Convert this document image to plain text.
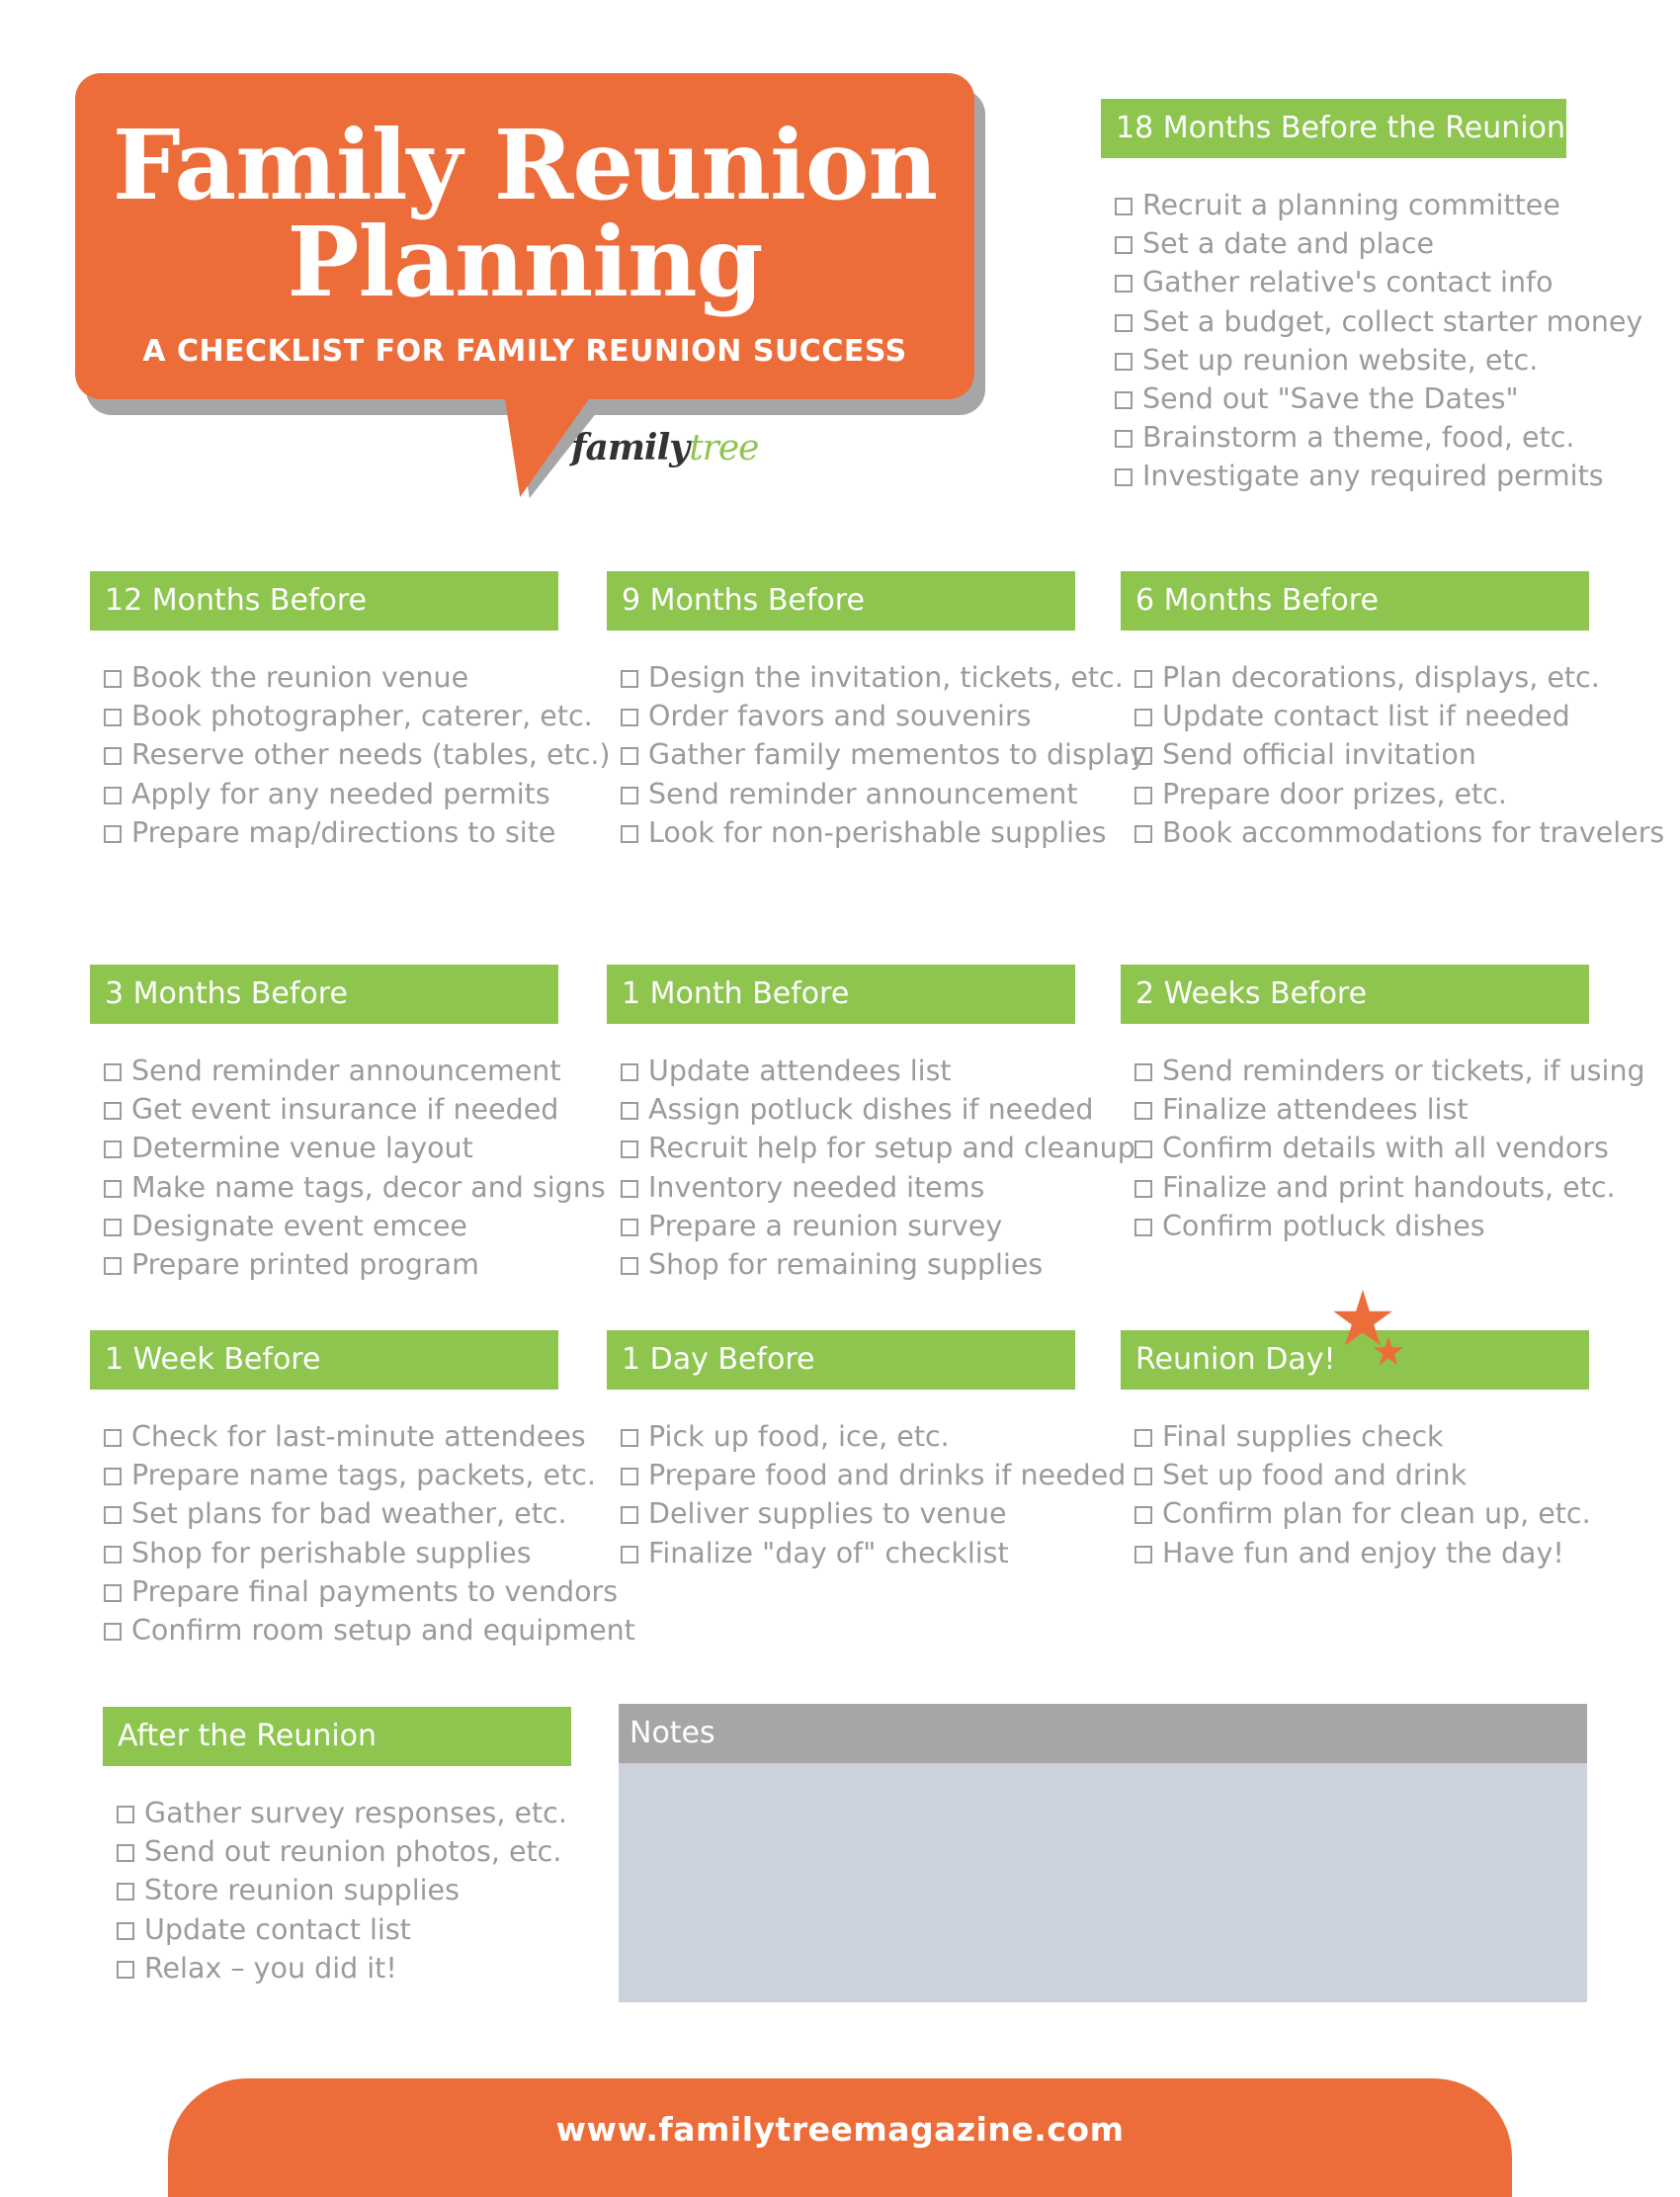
Family Reunion
Planning
A CHECKLIST FOR FAMILY REUNION SUCCESS
familytree
18 Months Before the Reunion
Recruit a planning committee
Set a date and place
Gather relative's contact info
Set a budget, collect starter money
Set up reunion website, etc.
Send out "Save the Dates"
Brainstorm a theme, food, etc.
Investigate any required permits
12 Months Before
Book the reunion venue
Book photographer, caterer, etc.
Reserve other needs (tables, etc.)
Apply for any needed permits
Prepare map/directions to site
9 Months Before
Design the invitation, tickets, etc.
Order favors and souvenirs
Gather family mementos to display
Send reminder announcement
Look for non-perishable supplies
6 Months Before
Plan decorations, displays, etc.
Update contact list if needed
Send official invitation
Prepare door prizes, etc.
Book accommodations for travelers
3 Months Before
Send reminder announcement
Get event insurance if needed
Determine venue layout
Make name tags, decor and signs
Designate event emcee
Prepare printed program
1 Month Before
Update attendees list
Assign potluck dishes if needed
Recruit help for setup and cleanup
Inventory needed items
Prepare a reunion survey
Shop for remaining supplies
2 Weeks Before
Send reminders or tickets, if using
Finalize attendees list
Confirm details with all vendors
Finalize and print handouts, etc.
Confirm potluck dishes
1 Week Before
Check for last-minute attendees
Prepare name tags, packets, etc.
Set plans for bad weather, etc.
Shop for perishable supplies
Prepare final payments to vendors
Confirm room setup and equipment
1 Day Before
Pick up food, ice, etc.
Prepare food and drinks if needed
Deliver supplies to venue
Finalize "day of" checklist
Reunion Day!
Final supplies check
Set up food and drink
Confirm plan for clean up, etc.
Have fun and enjoy the day!
After the Reunion
Gather survey responses, etc.
Send out reunion photos, etc.
Store reunion supplies
Update contact list
Relax – you did it!
Notes
www.familytreemagazine.com
